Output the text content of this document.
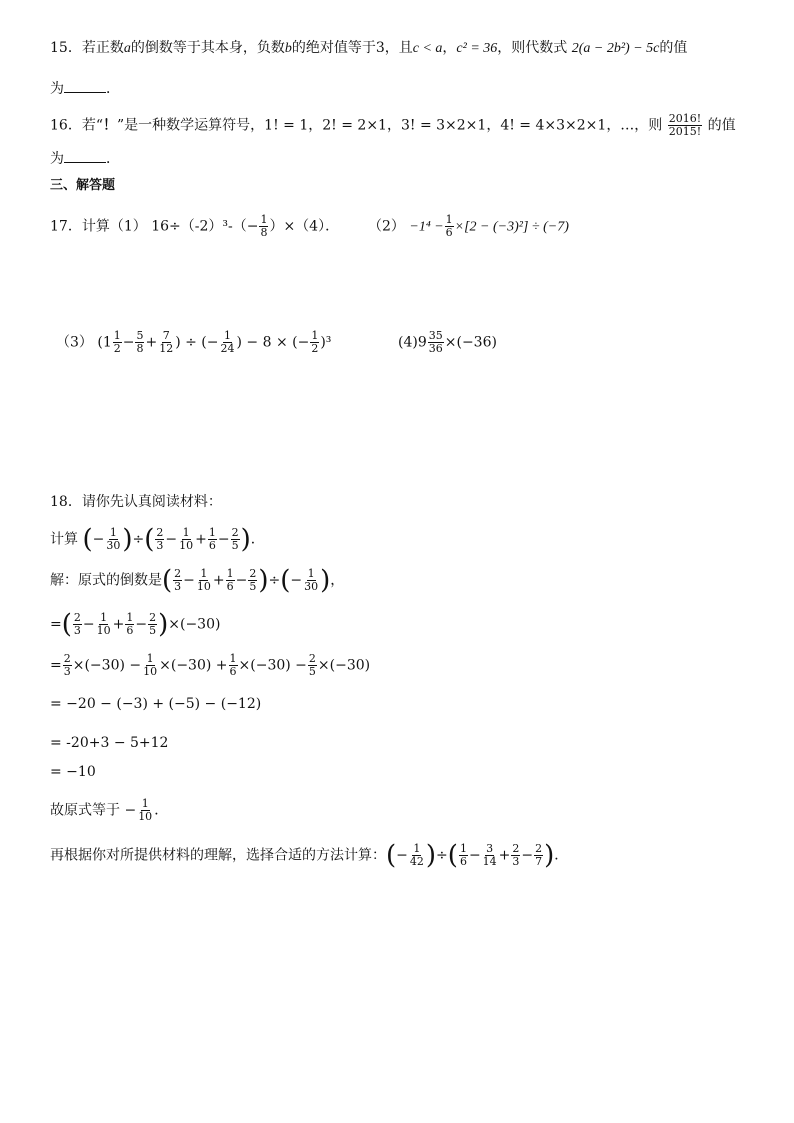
15．若正数a的倒数等于其本身，负数b的绝对值等于3，且c < a，c² = 36，则代数式 2(a − 2b²) − 5c的值
为	．
16．若“！”是一种数学运算符号，1! = 1，2! = 2×1，3! = 3×2×1，4! = 4×3×2×1，…，则 $\frac{2016!}{2015!}$ 的值
为	．
三、解答题
17．计算（1） $16\div(-2)^3-(- \frac{1}{8} )\times(4)$． $(2) -1^4 - \frac{1}{6} \times[2 - (-3)^2] \div (-7)$
（3） ($1 \frac{1}{2} - \frac{5}{8} + \frac{7}{12}$ ) ÷ (− $\frac{1}{24}$ ) − 8 × (− $\frac{1}{2} )^3$	$(4)9 \frac{35}{36} \times(-36)$
18．请你先认真阅读材料：
计算 (− $\frac{1}{30}$ )÷( $\frac{2}{3} - \frac{1}{10} + \frac{1}{6} - \frac{2}{5}$ )．
解：原式的倒数是( $\frac{2}{3} - \frac{1}{10} + \frac{1}{6} - \frac{2}{5}$ )÷(− $\frac{1}{30}$ )，
=( $\frac{2}{3} - \frac{1}{10} + \frac{1}{6} - \frac{2}{5} )\times(-30)$
= $\frac{2}{3} \times(-30) - \frac{1}{10} \times(-30) + \frac{1}{6} \times(-30) - \frac{2}{5} \times(-30)$
= −20 − (−3) + (−5) − (−12)
= -20+3 − 5+12
= −10
故原式等于 − $\frac{1}{10}$ ．
再根据你对所提供材料的理解，选择合适的方法计算：(− $\frac{1}{42}$ )÷( $\frac{1}{6} - \frac{3}{14} + \frac{2}{3} - \frac{2}{7}$ )．
